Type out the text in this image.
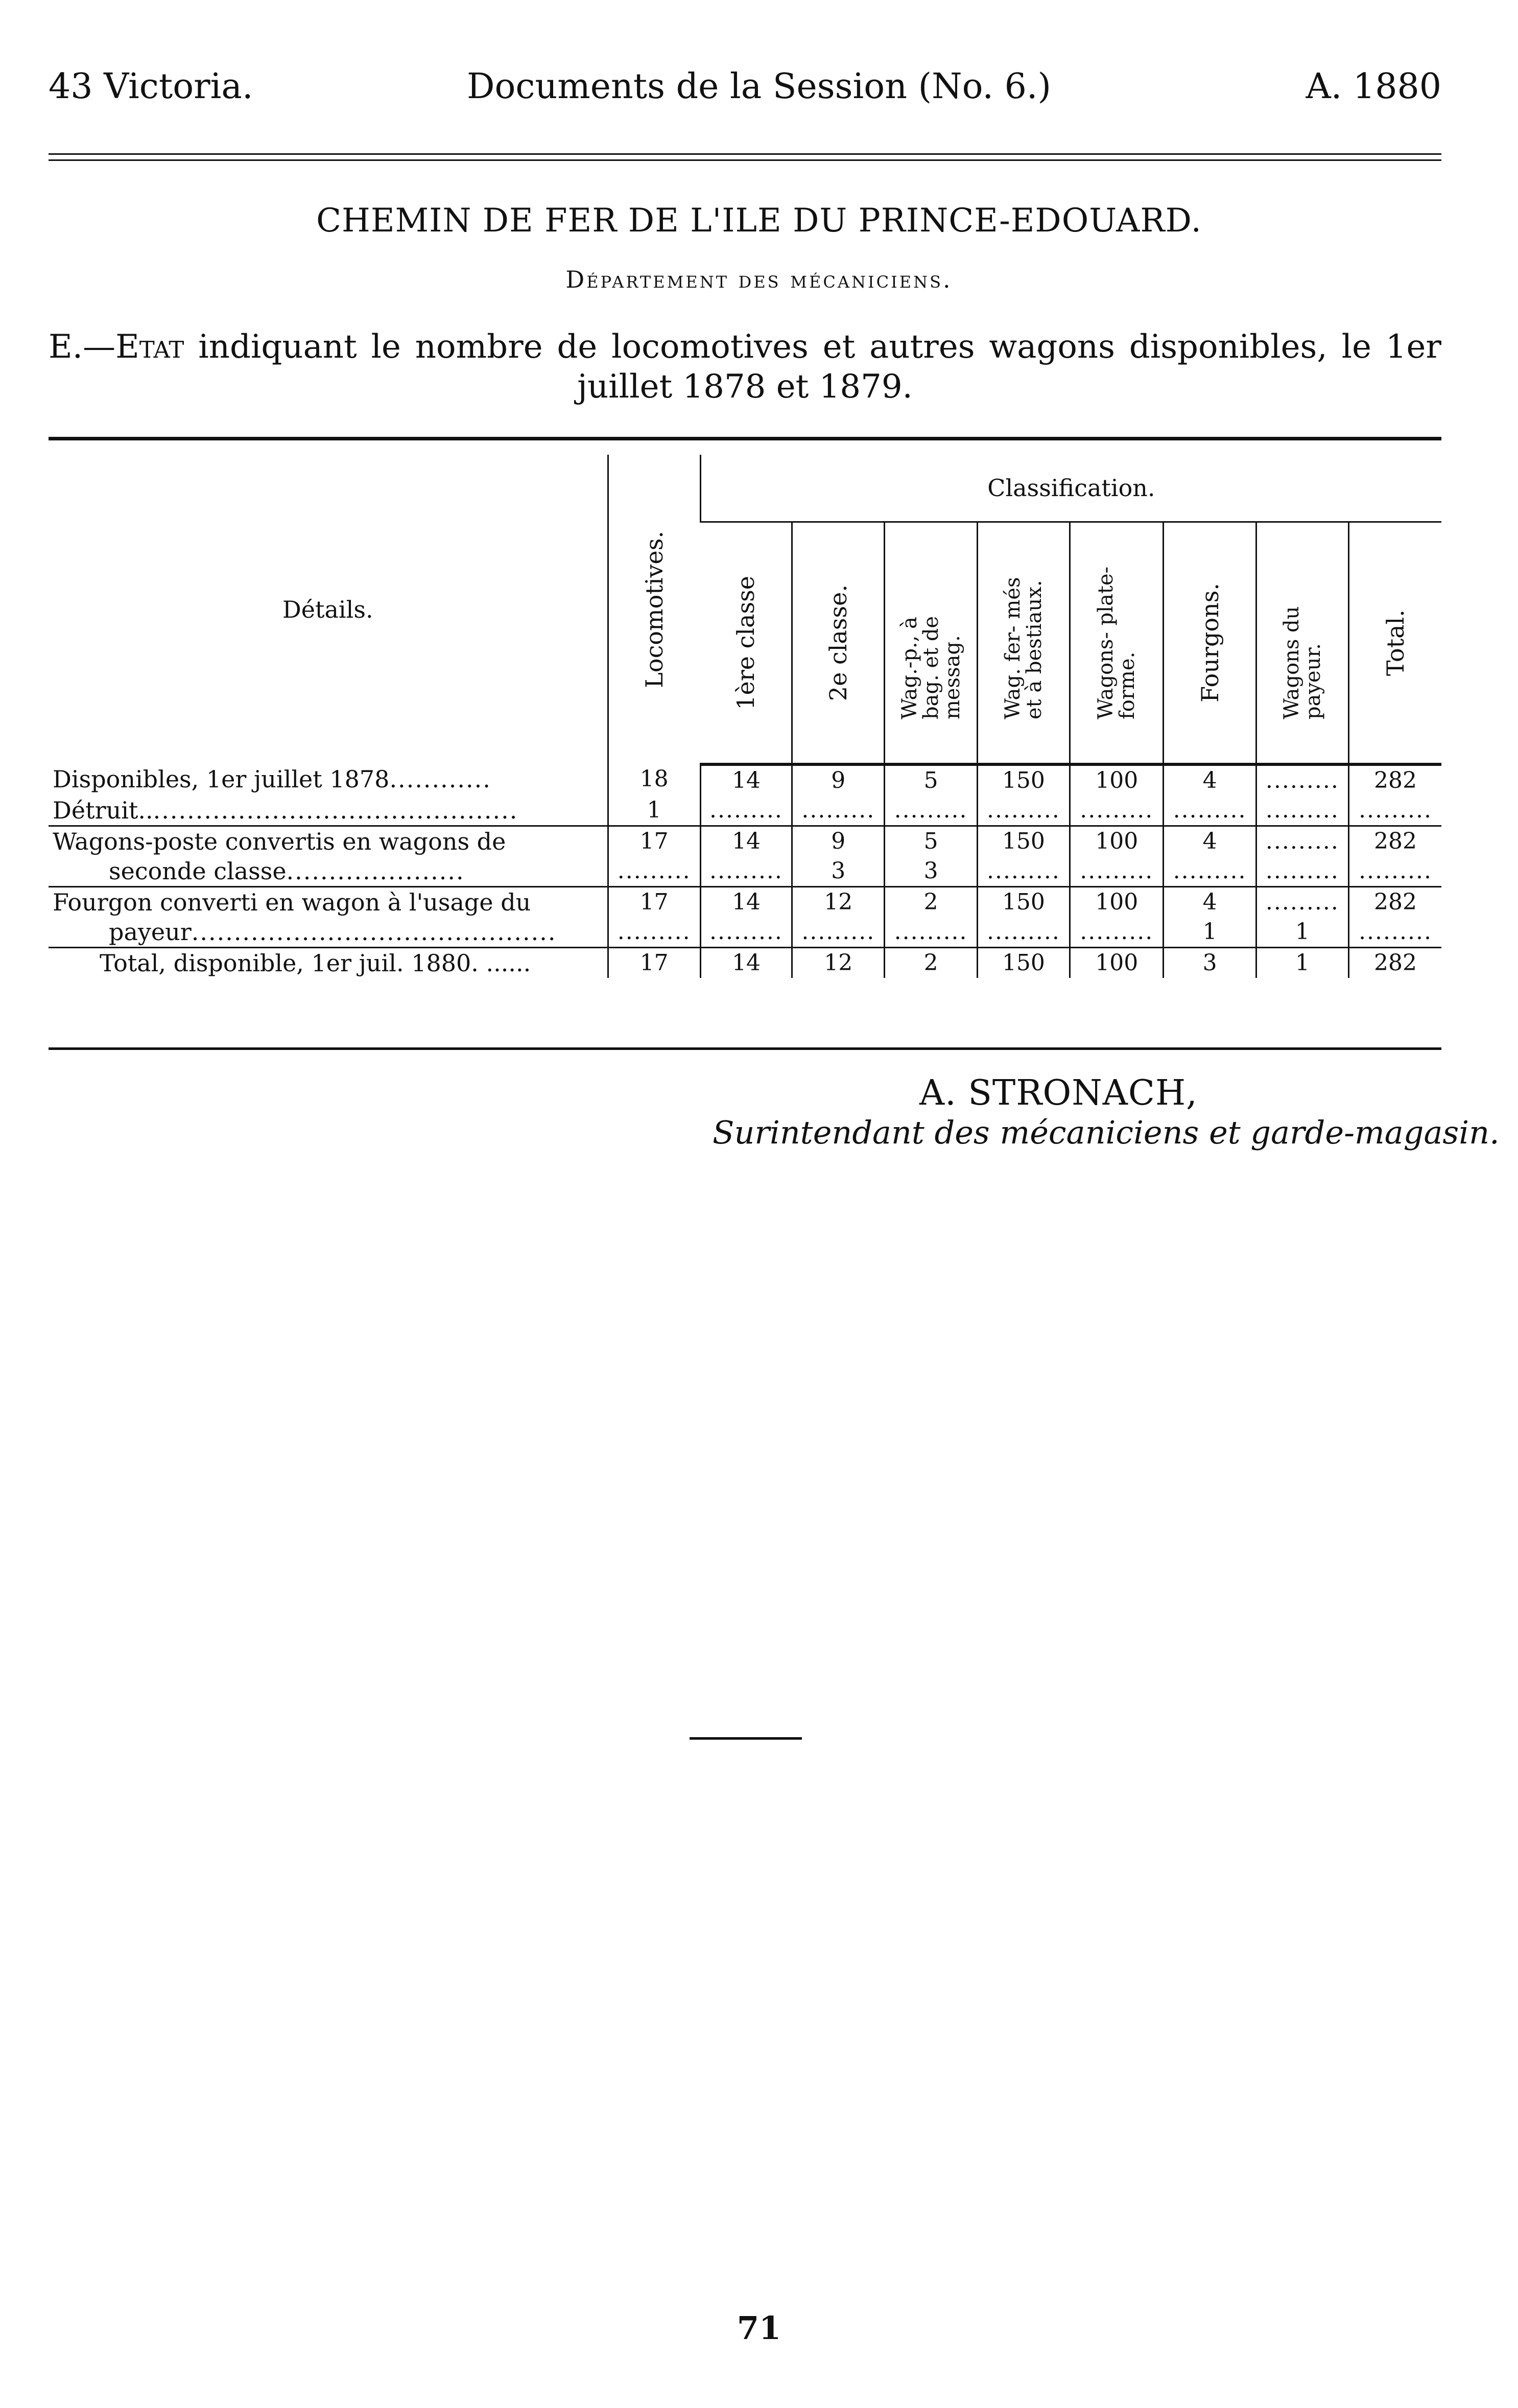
43 Victoria.	Documents de la Session (No. 6.)	A. 1880
CHEMIN DE FER DE L'ILE DU PRINCE-EDOUARD.
Département des mécaniciens.
E.—Etat indiquant le nombre de locomotives et autres wagons disponibles, le 1er juillet 1878 et 1879.
Détails.	Locomotives.	Classification.							

		1ère classe	2e classe.	Wag.-p., à bag. et de messag.	Wag. fer- més et à bestiaux.	Wagons- plate- forme.	Fourgons.	Wagons du payeur.	Total.

Disponibles, 1er juillet 1878............	18	14	9	5	150	100	4	.........	282
Détruit.............................................	1	.........	.........	.........	.........	.........	.........	.........	.........
Wagons-poste convertis en wagons de	17	14	9	5	150	100	4	.........	282
seconde classe.....................	.........	.........	3	3	.........	.........	.........	.........	.........
Fourgon converti en wagon à l'usage du	17	14	12	2	150	100	4	.........	282
payeur...........................................	.........	.........	.........	.........	.........	.........	1	1	.........
Total, disponible, 1er juil. 1880. ......	17	14	12	2	150	100	3	1	282
A. STRONACH,
Surintendant des mécaniciens et garde-magasin.
71
